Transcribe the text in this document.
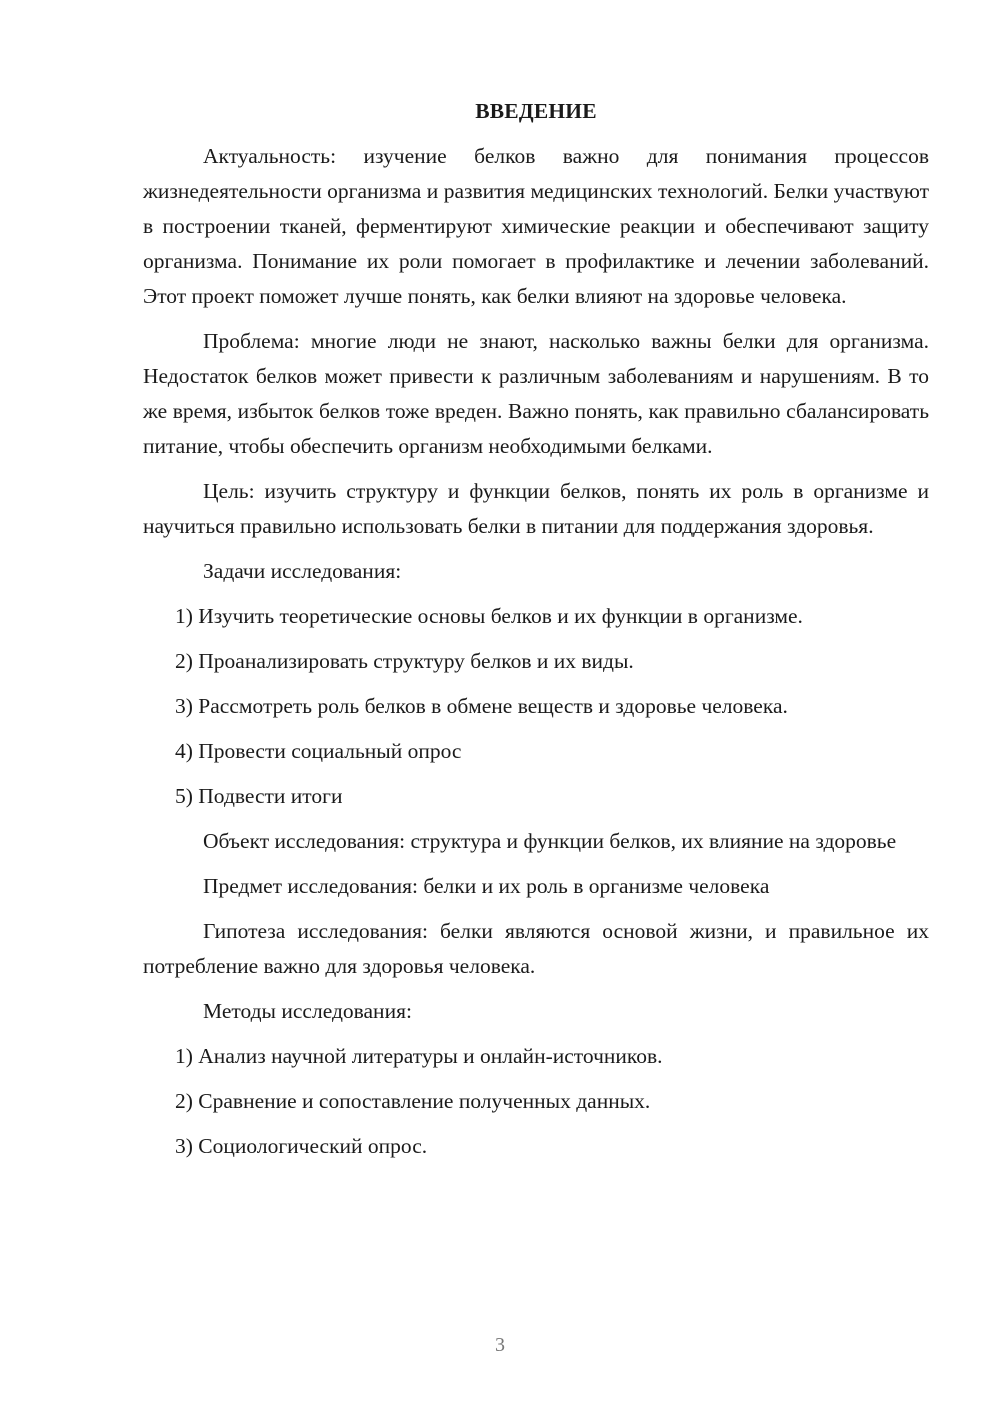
ВВЕДЕНИЕ

Актуальность: изучение белков важно для понимания процессов жизнедеятельности организма и развития медицинских технологий. Белки участвуют в построении тканей, ферментируют химические реакции и обеспечивают защиту организма. Понимание их роли помогает в профилактике и лечении заболеваний. Этот проект поможет лучше понять, как белки влияют на здоровье человека.

Проблема: многие люди не знают, насколько важны белки для организма. Недостаток белков может привести к различным заболеваниям и нарушениям. В то же время, избыток белков тоже вреден. Важно понять, как правильно сбалансировать питание, чтобы обеспечить организм необходимыми белками.

Цель: изучить структуру и функции белков, понять их роль в организме и научиться правильно использовать белки в питании для поддержания здоровья.

Задачи исследования:

1) Изучить теоретические основы белков и их функции в организме.

2) Проанализировать структуру белков и их виды.

3) Рассмотреть роль белков в обмене веществ и здоровье человека.

4) Провести социальный опрос

5) Подвести итоги

Объект исследования: структура и функции белков, их влияние на здоровье

Предмет исследования: белки и их роль в организме человека

Гипотеза исследования: белки являются основой жизни, и правильное их потребление важно для здоровья человека.

Методы исследования:

1) Анализ научной литературы и онлайн-источников.

2) Сравнение и сопоставление полученных данных.

3) Социологический опрос.

3
